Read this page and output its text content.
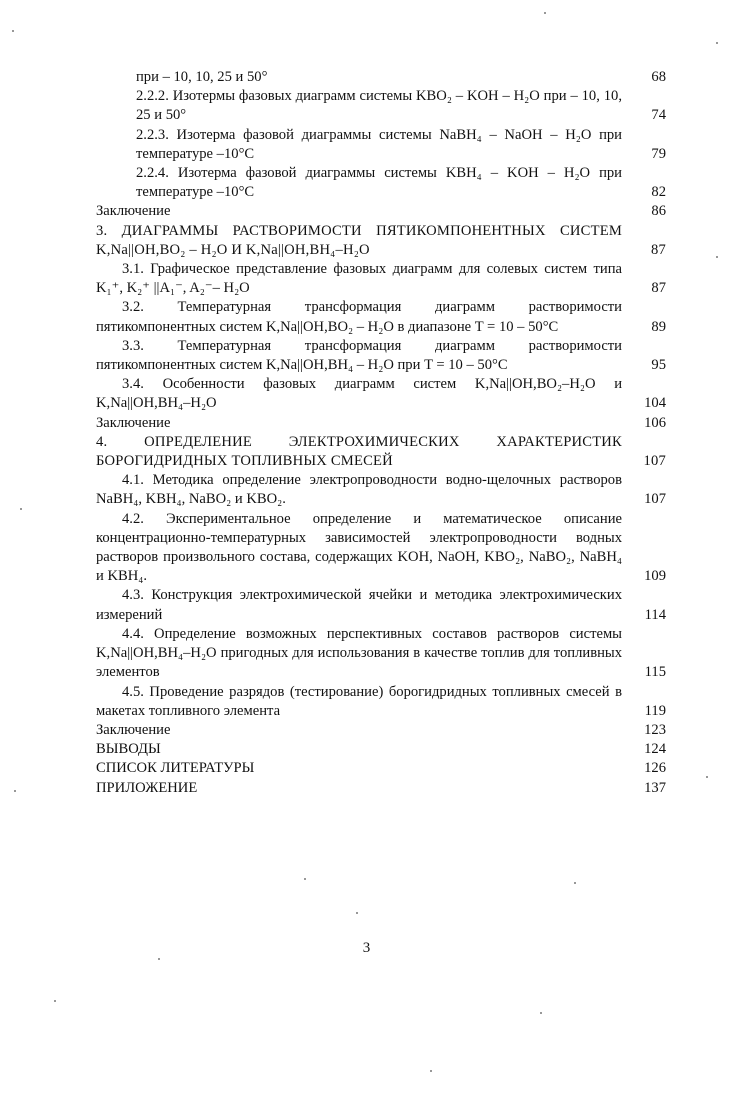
при – 10, 10, 25 и 50°	68
2.2.2. Изотермы фазовых диаграмм системы KBO₂ – KOH – H₂O при – 10, 10, 25 и 50°	74
2.2.3. Изотерма фазовой диаграммы системы NaBH₄ – NaOH – H₂O при температуре –10°C	79
2.2.4. Изотерма фазовой диаграммы системы KBH₄ – KOH – H₂O при температуре –10°C	82
Заключение	86
3. ДИАГРАММЫ РАСТВОРИМОСТИ ПЯТИКОМПОНЕНТНЫХ СИСТЕМ K,Na||OH,BO₂ – H₂O И K,Na||OH,BH₄–H₂O	87
3.1. Графическое представление фазовых диаграмм для солевых систем типа K₁⁺, K₂⁺ ||A₁⁻, A₂⁻– H₂O	87
3.2. Температурная трансформация диаграмм растворимости пятикомпонентных систем K,Na||OH,BO₂ – H₂O в диапазоне T = 10 – 50°C	89
3.3. Температурная трансформация диаграмм растворимости пятикомпонентных систем K,Na||OH,BH₄ – H₂O при T = 10 – 50°C	95
3.4. Особенности фазовых диаграмм систем K,Na||OH,BO₂–H₂O и K,Na||OH,BH₄–H₂O	104
Заключение	106
4. ОПРЕДЕЛЕНИЕ ЭЛЕКТРОХИМИЧЕСКИХ ХАРАКТЕРИСТИК БОРОГИДРИДНЫХ ТОПЛИВНЫХ СМЕСЕЙ	107
4.1. Методика определение электропроводности водно-щелочных растворов NaBH₄, KBH₄, NaBO₂ и KBO₂.	107
4.2. Экспериментальное определение и математическое описание концентрационно-температурных зависимостей электропроводности водных растворов произвольного состава, содержащих KOH, NaOH, KBO₂, NaBO₂, NaBH₄ и KBH₄.	109
4.3. Конструкция электрохимической ячейки и методика электрохимических измерений	114
4.4. Определение возможных перспективных составов растворов системы K,Na||OH,BH₄–H₂O пригодных для использования в качестве топлив для топливных элементов	115
4.5. Проведение разрядов (тестирование) борогидридных топливных смесей в макетах топливного элемента	119
Заключение	123
ВЫВОДЫ	124
СПИСОК ЛИТЕРАТУРЫ	126
ПРИЛОЖЕНИЕ	137
3
